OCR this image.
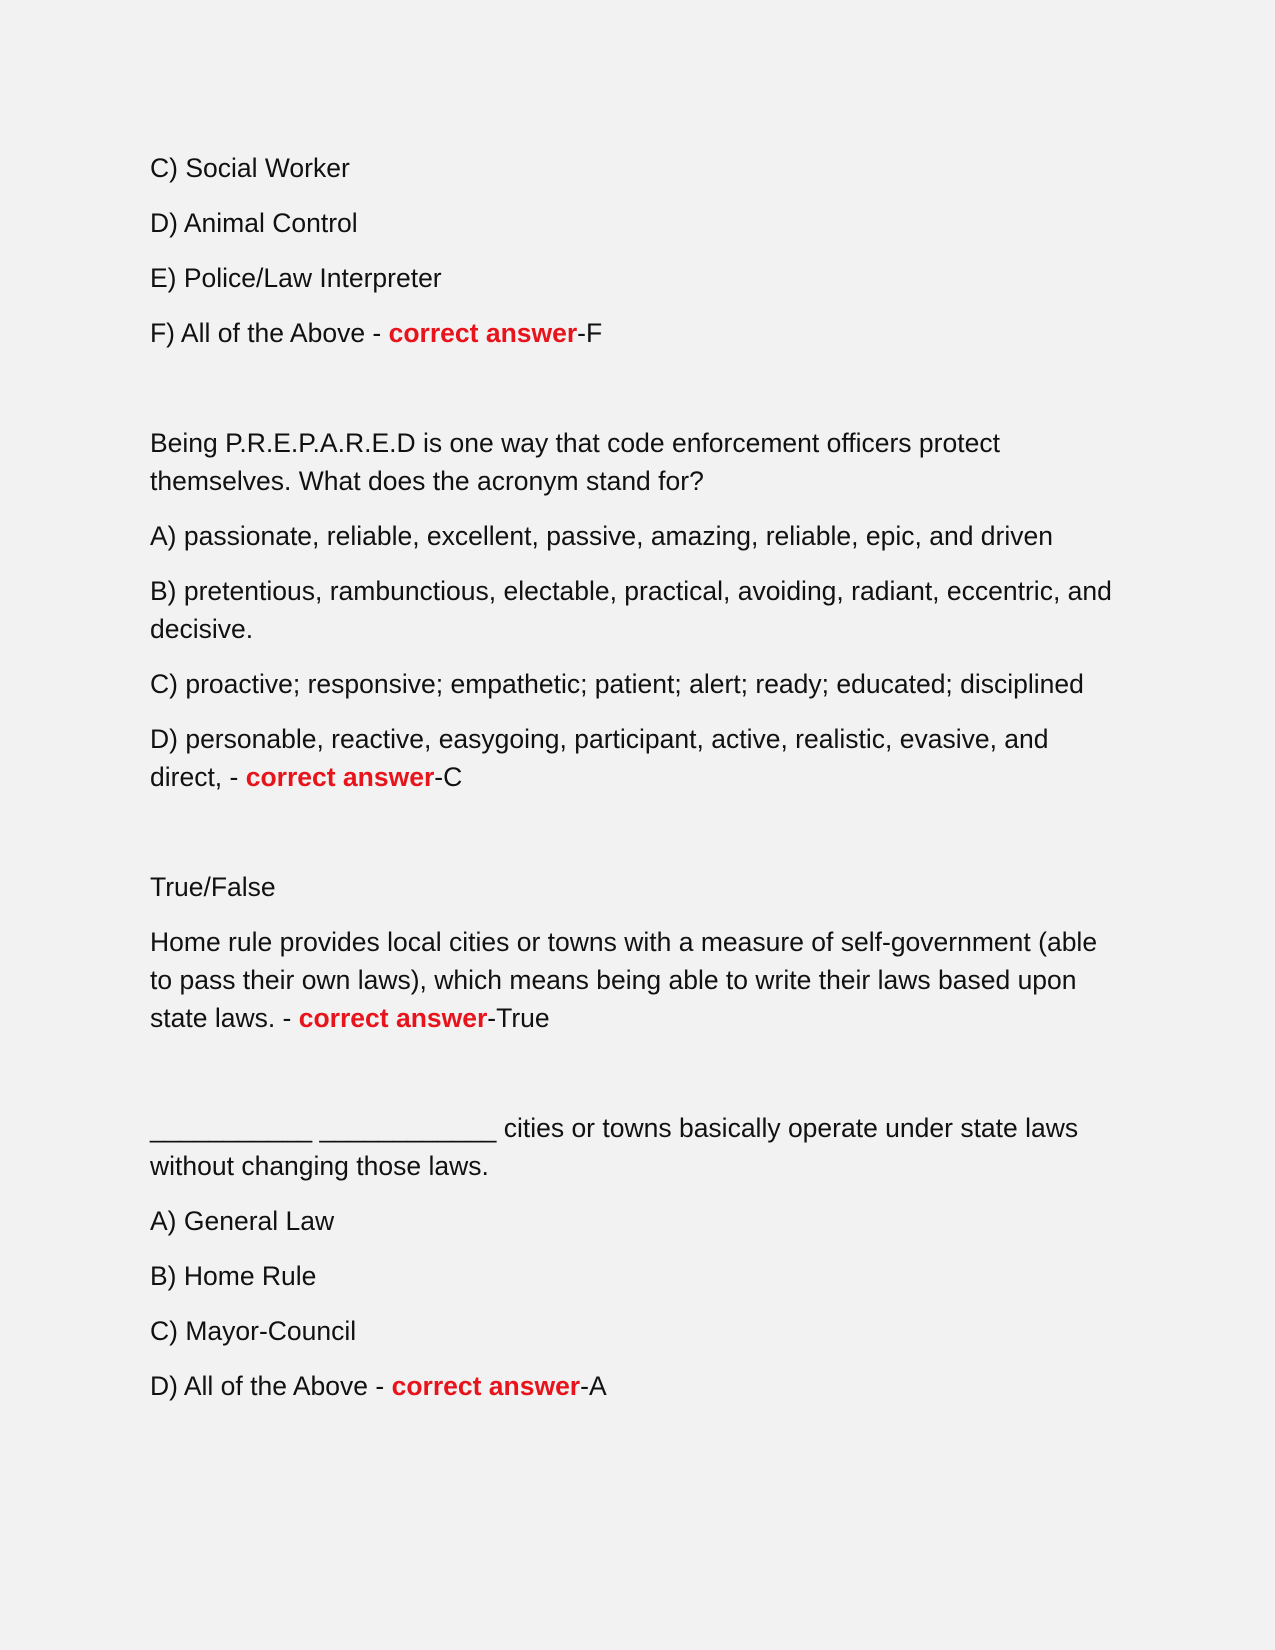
C) Social Worker

D) Animal Control

E) Police/Law Interpreter

F) All of the Above - correct answer-F

Being P.R.E.P.A.R.E.D is one way that code enforcement officers protect themselves. What does the acronym stand for?

A) passionate, reliable, excellent, passive, amazing, reliable, epic, and driven

B) pretentious, rambunctious, electable, practical, avoiding, radiant, eccentric, and decisive.

C) proactive; responsive; empathetic; patient; alert; ready; educated; disciplined

D) personable, reactive, easygoing, participant, active, realistic, evasive, and direct, - correct answer-C

True/False

Home rule provides local cities or towns with a measure of self-government (able to pass their own laws), which means being able to write their laws based upon state laws. - correct answer-True

___________ ____________ cities or towns basically operate under state laws without changing those laws.

A) General Law

B) Home Rule

C) Mayor-Council

D) All of the Above - correct answer-A
